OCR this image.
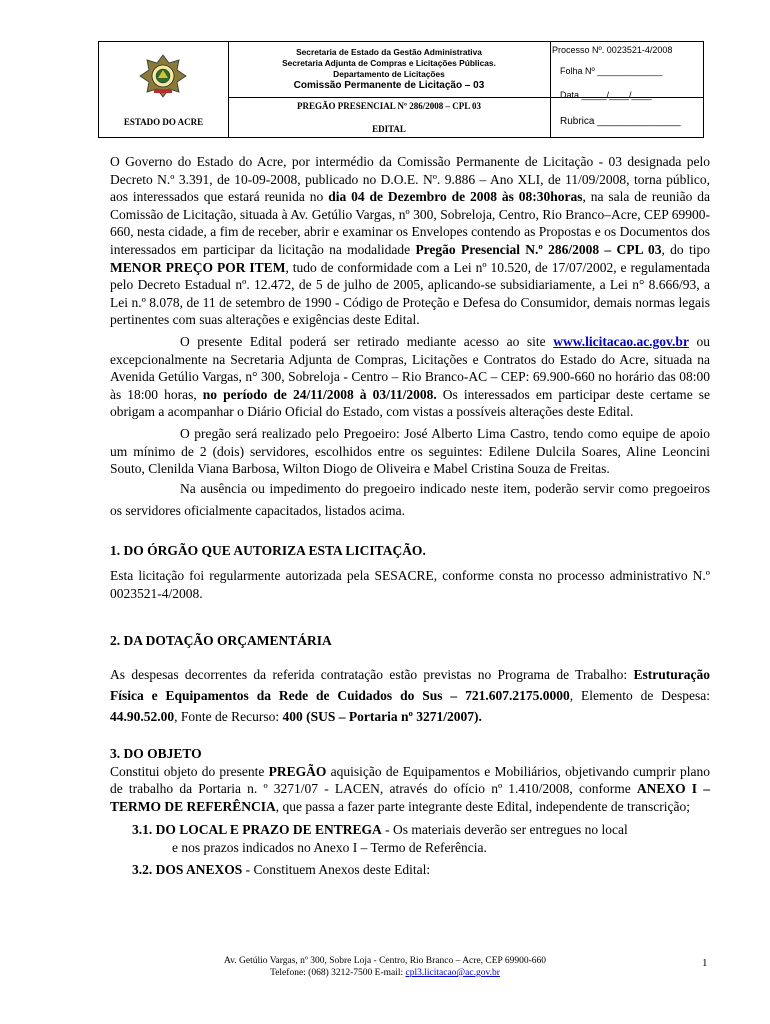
ESTADO DO ACRE
Secretaria de Estado da Gestão Administrativa
Secretaria Adjunta de Compras e Licitações Públicas.
Departamento de Licitações
Comissão Permanente de Licitação – 03
PREGÃO PRESENCIAL Nº 286/2008 – CPL 03
EDITAL
Processo Nº. 0023521-4/2008
Folha Nº _____________
Data _____/____/____
Rubrica _______________

O Governo do Estado do Acre, por intermédio da Comissão Permanente de Licitação - 03 designada pelo Decreto N.º 3.391, de 10-09-2008, publicado no D.O.E. Nº. 9.886 – Ano XLI, de 11/09/2008, torna público, aos interessados que estará reunida no dia 04 de Dezembro de 2008 às 08:30horas, na sala de reunião da Comissão de Licitação, situada à Av. Getúlio Vargas, nº 300, Sobreloja, Centro, Rio Branco–Acre, CEP 69900-660, nesta cidade, a fim de receber, abrir e examinar os Envelopes contendo as Propostas e os Documentos dos interessados em participar da licitação na modalidade Pregão Presencial N.º 286/2008 – CPL 03, do tipo MENOR PREÇO POR ITEM, tudo de conformidade com a Lei nº 10.520, de 17/07/2002, e regulamentada pelo Decreto Estadual nº. 12.472, de 5 de julho de 2005, aplicando-se subsidiariamente, a Lei n° 8.666/93, a Lei n.º 8.078, de 11 de setembro de 1990 - Código de Proteção e Defesa do Consumidor, demais normas legais pertinentes com suas alterações e exigências deste Edital.

O presente Edital poderá ser retirado mediante acesso ao site www.licitacao.ac.gov.br ou excepcionalmente na Secretaria Adjunta de Compras, Licitações e Contratos do Estado do Acre, situada na Avenida Getúlio Vargas, n° 300, Sobreloja - Centro – Rio Branco-AC – CEP: 69.900-660 no horário das 08:00 às 18:00 horas, no período de 24/11/2008 à 03/11/2008. Os interessados em participar deste certame se obrigam a acompanhar o Diário Oficial do Estado, com vistas a possíveis alterações deste Edital.

O pregão será realizado pelo Pregoeiro: José Alberto Lima Castro, tendo como equipe de apoio um mínimo de 2 (dois) servidores, escolhidos entre os seguintes: Edilene Dulcila Soares, Aline Leoncini Souto, Clenilda Viana Barbosa, Wilton Diogo de Oliveira e Mabel Cristina Souza de Freitas.

Na ausência ou impedimento do pregoeiro indicado neste item, poderão servir como pregoeiros os servidores oficialmente capacitados, listados acima.

1. DO ÓRGÃO QUE AUTORIZA ESTA LICITAÇÃO.

Esta licitação foi regularmente autorizada pela SESACRE, conforme consta no processo administrativo N.º 0023521-4/2008.

2. DA DOTAÇÃO ORÇAMENTÁRIA

As despesas decorrentes da referida contratação estão previstas no Programa de Trabalho: Estruturação Física e Equipamentos da Rede de Cuidados do Sus – 721.607.2175.0000, Elemento de Despesa: 44.90.52.00, Fonte de Recurso: 400 (SUS – Portaria nº 3271/2007).

3. DO OBJETO

Constitui objeto do presente PREGÃO aquisição de Equipamentos e Mobiliários, objetivando cumprir plano de trabalho da Portaria n. º 3271/07 - LACEN, através do ofício nº 1.410/2008, conforme ANEXO I – TERMO DE REFERÊNCIA, que passa a fazer parte integrante deste Edital, independente de transcrição;

3.1. DO LOCAL E PRAZO DE ENTREGA - Os materiais deverão ser entregues no local
e nos prazos indicados no Anexo I – Termo de Referência.

3.2. DOS ANEXOS - Constituem Anexos deste Edital:

Av. Getúlio Vargas, nº 300, Sobre Loja - Centro, Rio Branco – Acre, CEP 69900-660
Telefone: (068) 3212-7500 E-mail: cpl3.licitacao@ac.gov.br
1
